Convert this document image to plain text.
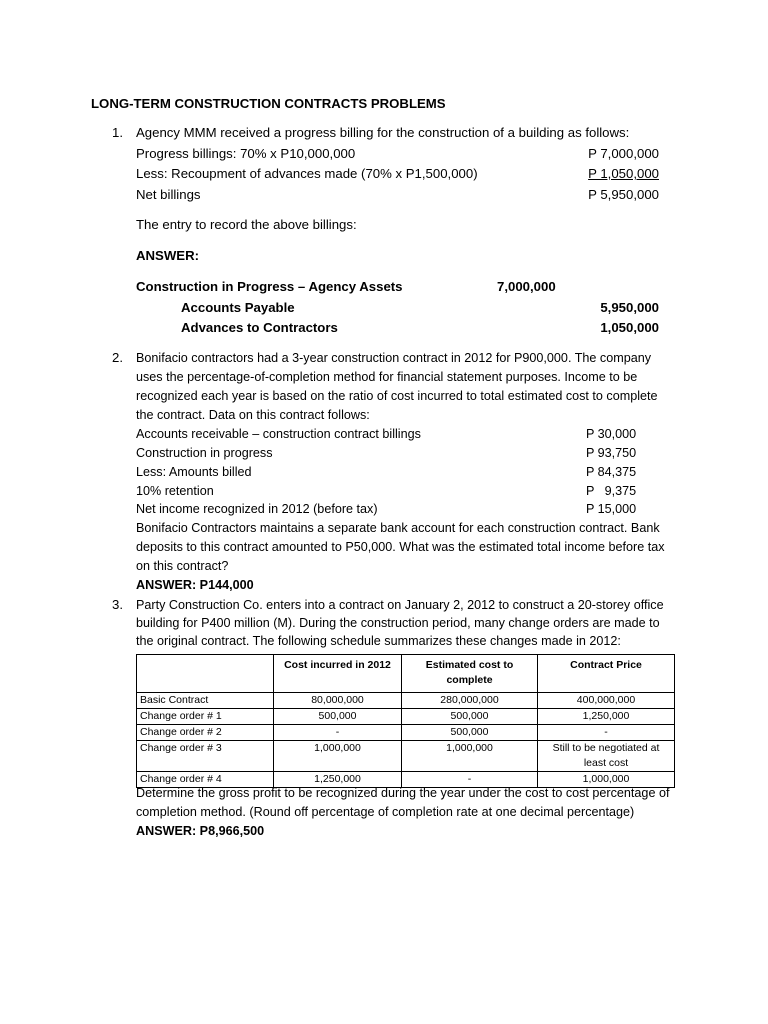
LONG-TERM CONSTRUCTION CONTRACTS PROBLEMS
1. Agency MMM received a progress billing for the construction of a building as follows:
Progress billings: 70% x P10,000,000	P 7,000,000
Less: Recoupment of advances made (70% x P1,500,000)	P 1,050,000
Net billings	P 5,950,000
The entry to record the above billings:
ANSWER:
Construction in Progress – Agency Assets	7,000,000
Accounts Payable	5,950,000
Advances to Contractors	1,050,000
2. Bonifacio contractors had a 3-year construction contract in 2012 for P900,000. The company
uses the percentage-of-completion method for financial statement purposes. Income to be
recognized each year is based on the ratio of cost incurred to total estimated cost to complete
the contract. Data on this contract follows:
Accounts receivable – construction contract billings	P 30,000
Construction in progress	P 93,750
Less: Amounts billed	P 84,375
10% retention	P   9,375
Net income recognized in 2012 (before tax)	P 15,000
Bonifacio Contractors maintains a separate bank account for each construction contract. Bank
deposits to this contract amounted to P50,000. What was the estimated total income before tax
on this contract?
ANSWER: P144,000
3. Party Construction Co. enters into a contract on January 2, 2012 to construct a 20-storey office
building for P400 million (M). During the construction period, many change orders are made to
the original contract. The following schedule summarizes these changes made in 2012:
	Cost incurred in 2012	Estimated cost to complete	Contract Price
Basic Contract	80,000,000	280,000,000	400,000,000
Change order # 1	500,000	500,000	1,250,000
Change order # 2	-	500,000	-
Change order # 3	1,000,000	1,000,000	Still to be negotiated at least cost
Change order # 4	1,250,000	-	1,000,000
Determine the gross profit to be recognized during the year under the cost to cost percentage of
completion method. (Round off percentage of completion rate at one decimal percentage)
ANSWER: P8,966,500
